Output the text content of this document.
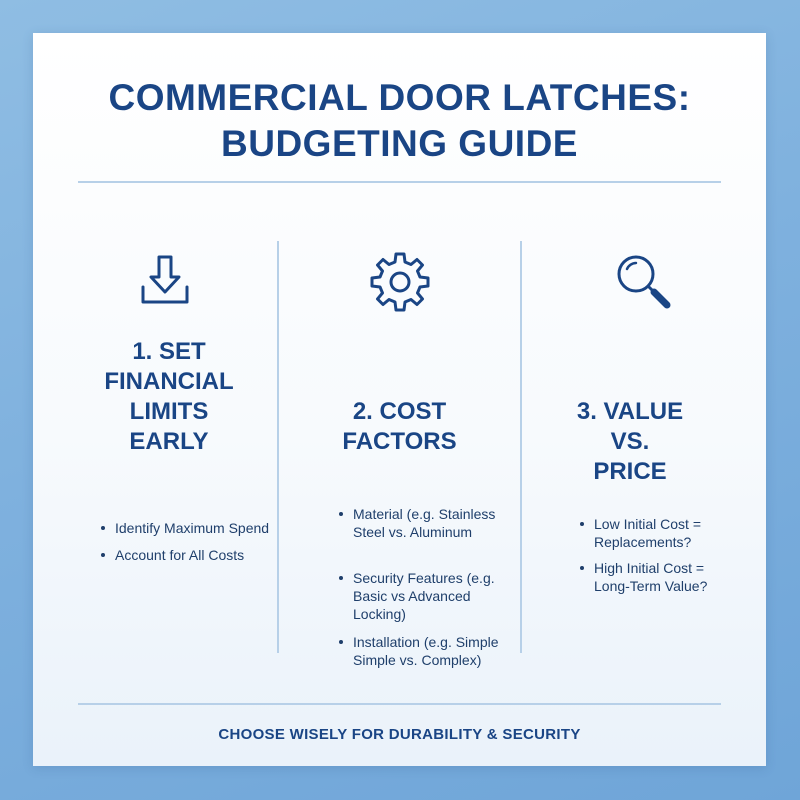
COMMERCIAL DOOR LATCHES:
BUDGETING GUIDE
1. SET
FINANCIAL
LIMITS
EARLY
Identify Maximum Spend
Account for All Costs
2. COST
FACTORS
Material (e.g. Stainless Steel vs. Aluminum
Security Features (e.g. Basic vs Advanced Locking)
Installation (e.g. Simple Simple vs. Complex)
3. VALUE
VS.
PRICE
Low Initial Cost = Replacements?
High Initial Cost = Long-Term Value?
CHOOSE WISELY FOR DURABILITY & SECURITY
